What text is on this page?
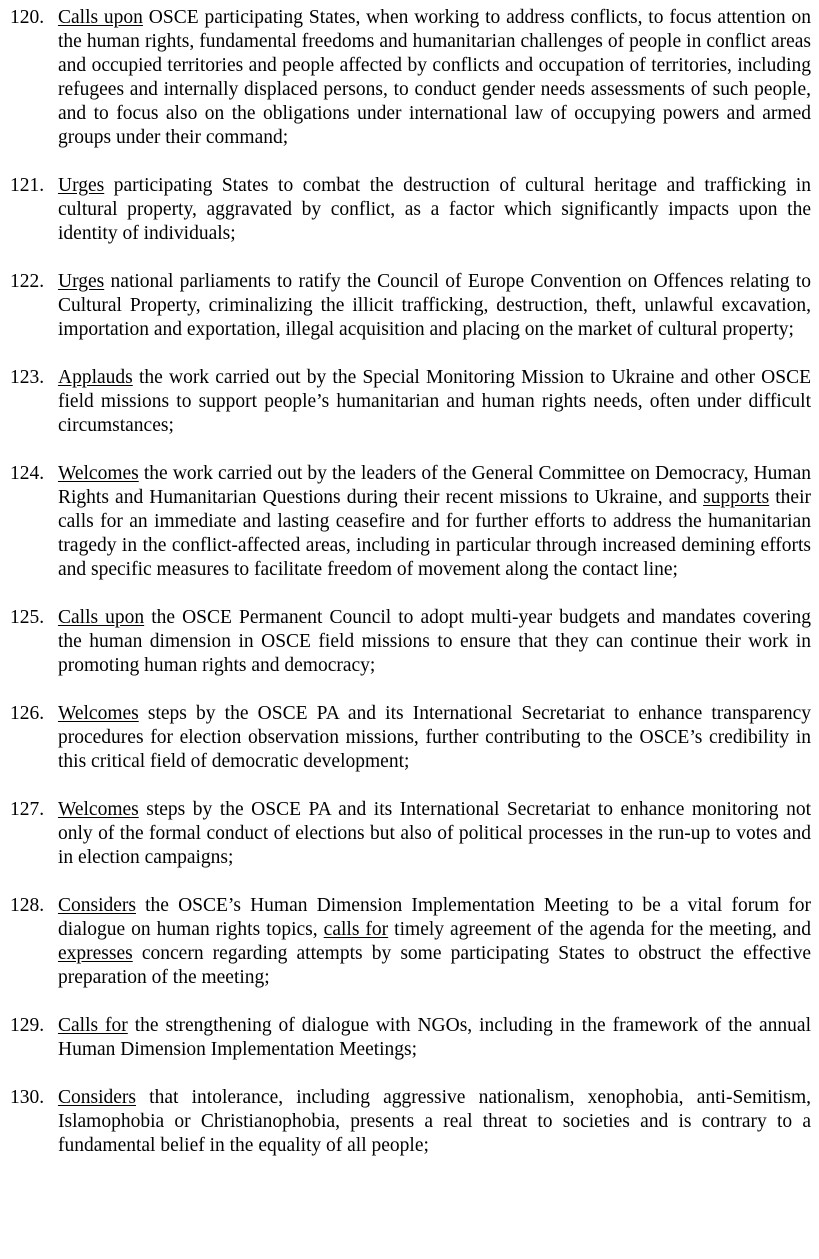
120. Calls upon OSCE participating States, when working to address conflicts, to focus attention on the human rights, fundamental freedoms and humanitarian challenges of people in conflict areas and occupied territories and people affected by conflicts and occupation of territories, including refugees and internally displaced persons, to conduct gender needs assessments of such people, and to focus also on the obligations under international law of occupying powers and armed groups under their command;
121. Urges participating States to combat the destruction of cultural heritage and trafficking in cultural property, aggravated by conflict, as a factor which significantly impacts upon the identity of individuals;
122. Urges national parliaments to ratify the Council of Europe Convention on Offences relating to Cultural Property, criminalizing the illicit trafficking, destruction, theft, unlawful excavation, importation and exportation, illegal acquisition and placing on the market of cultural property;
123. Applauds the work carried out by the Special Monitoring Mission to Ukraine and other OSCE field missions to support people’s humanitarian and human rights needs, often under difficult circumstances;
124. Welcomes the work carried out by the leaders of the General Committee on Democracy, Human Rights and Humanitarian Questions during their recent missions to Ukraine, and supports their calls for an immediate and lasting ceasefire and for further efforts to address the humanitarian tragedy in the conflict-affected areas, including in particular through increased demining efforts and specific measures to facilitate freedom of movement along the contact line;
125. Calls upon the OSCE Permanent Council to adopt multi-year budgets and mandates covering the human dimension in OSCE field missions to ensure that they can continue their work in promoting human rights and democracy;
126. Welcomes steps by the OSCE PA and its International Secretariat to enhance transparency procedures for election observation missions, further contributing to the OSCE’s credibility in this critical field of democratic development;
127. Welcomes steps by the OSCE PA and its International Secretariat to enhance monitoring not only of the formal conduct of elections but also of political processes in the run-up to votes and in election campaigns;
128. Considers the OSCE’s Human Dimension Implementation Meeting to be a vital forum for dialogue on human rights topics, calls for timely agreement of the agenda for the meeting, and expresses concern regarding attempts by some participating States to obstruct the effective preparation of the meeting;
129. Calls for the strengthening of dialogue with NGOs, including in the framework of the annual Human Dimension Implementation Meetings;
130. Considers that intolerance, including aggressive nationalism, xenophobia, anti-Semitism, Islamophobia or Christianophobia, presents a real threat to societies and is contrary to a fundamental belief in the equality of all people;
